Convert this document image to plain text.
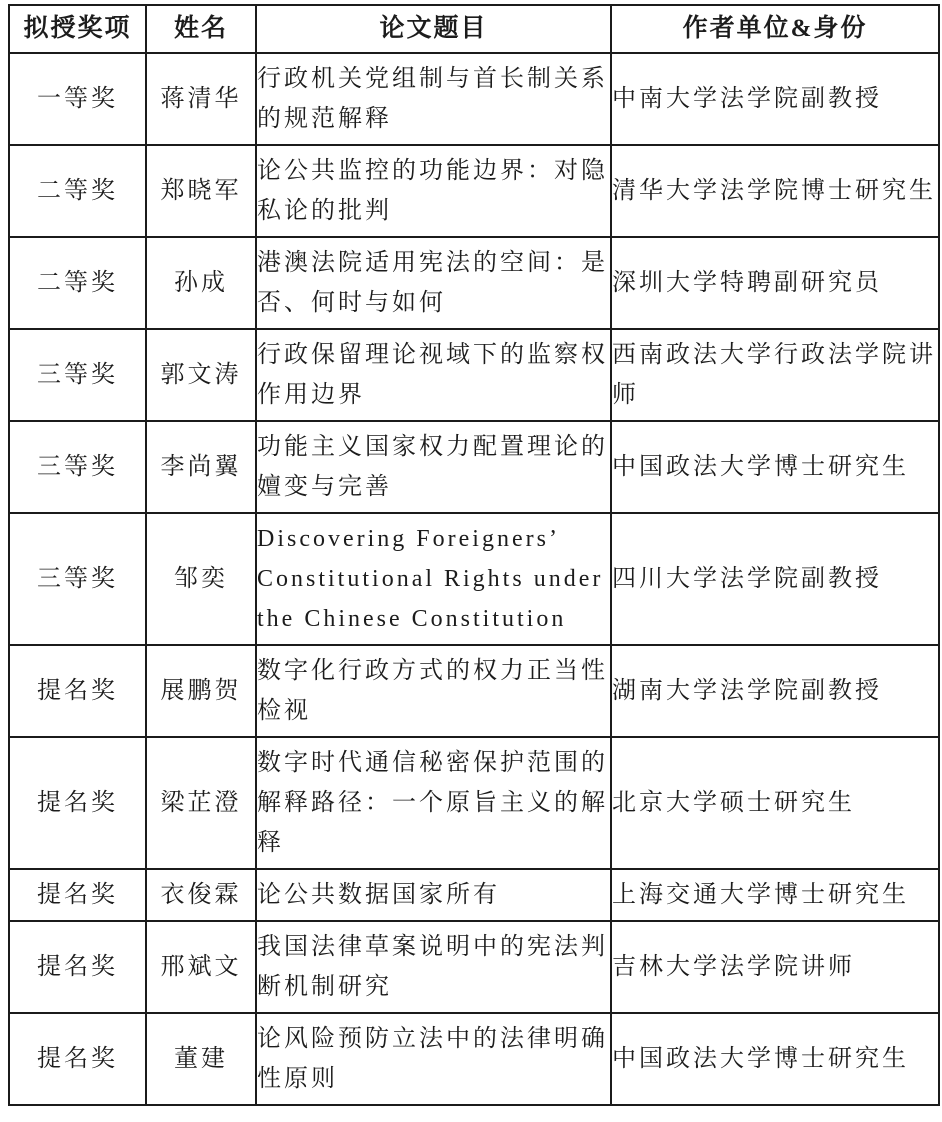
拟授奖项	姓名	论文题目	作者单位&身份
一等奖	蒋清华	行政机关党组制与首长制关系的规范解释	中南大学法学院副教授
二等奖	郑晓军	论公共监控的功能边界：对隐私论的批判	清华大学法学院博士研究生
二等奖	孙成	港澳法院适用宪法的空间：是否、何时与如何	深圳大学特聘副研究员
三等奖	郭文涛	行政保留理论视域下的监察权作用边界	西南政法大学行政法学院讲师
三等奖	李尚翼	功能主义国家权力配置理论的嬗变与完善	中国政法大学博士研究生
三等奖	邹奕	Discovering Foreigners’ Constitutional Rights under the Chinese Constitution	四川大学法学院副教授
提名奖	展鹏贺	数字化行政方式的权力正当性检视	湖南大学法学院副教授
提名奖	梁芷澄	数字时代通信秘密保护范围的解释路径：一个原旨主义的解释	北京大学硕士研究生
提名奖	衣俊霖	论公共数据国家所有	上海交通大学博士研究生
提名奖	邢斌文	我国法律草案说明中的宪法判断机制研究	吉林大学法学院讲师
提名奖	董建	论风险预防立法中的法律明确性原则	中国政法大学博士研究生
